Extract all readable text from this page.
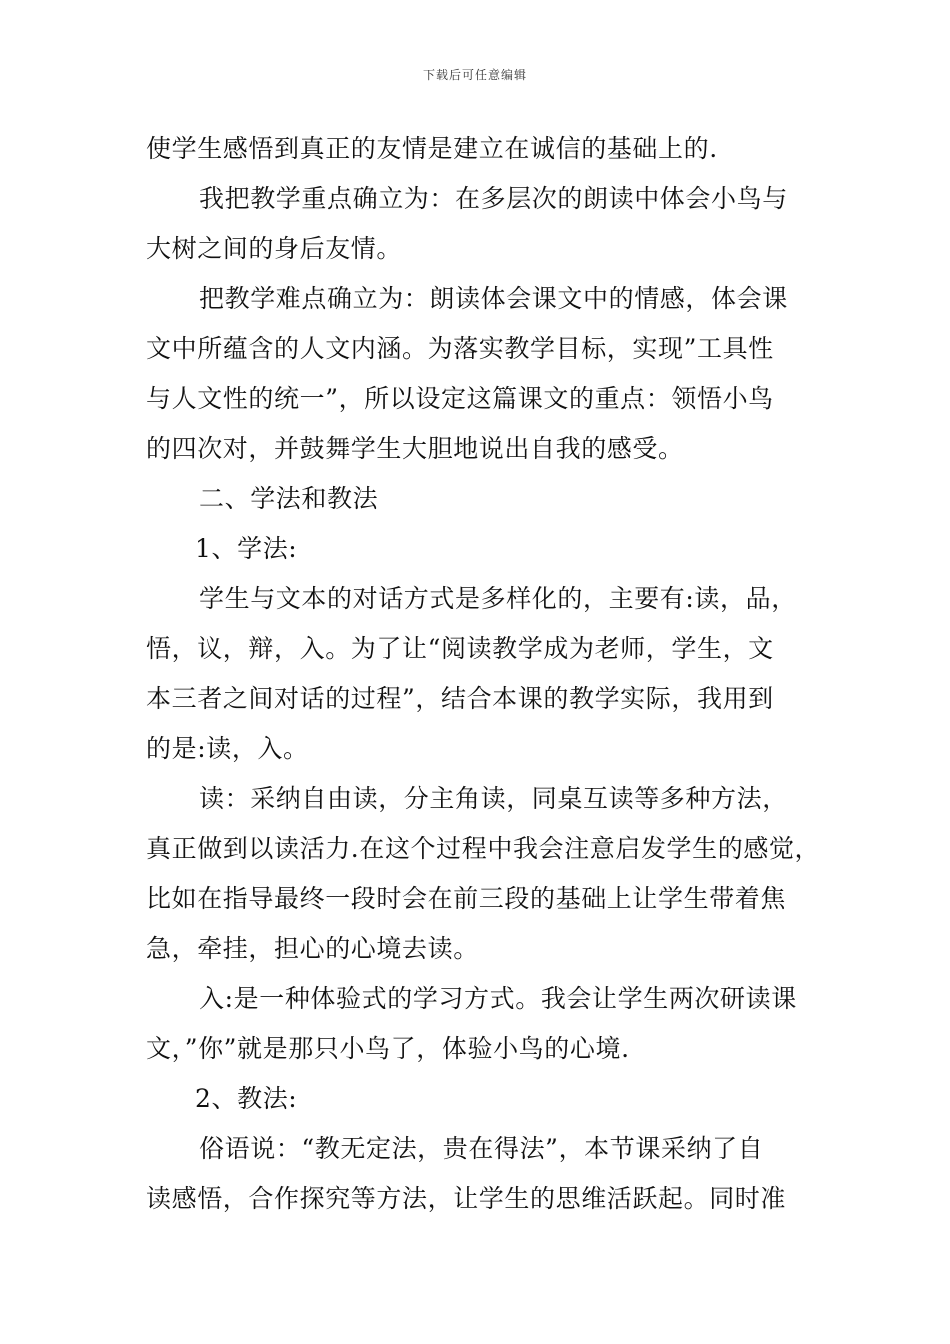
下载后可任意编辑
使学生感悟到真正的友情是建立在诚信的基础上的.
我把教学重点确立为：在多层次的朗读中体会小鸟与
大树之间的身后友情。
把教学难点确立为：朗读体会课文中的情感，体会课
文中所蕴含的人文内涵。为落实教学目标，实现”工具性
与人文性的统一”，所以设定这篇课文的重点：领悟小鸟
的四次对，并鼓舞学生大胆地说出自我的感受。
二、学法和教法
1、学法:
学生与文本的对话方式是多样化的，主要有:读，品，
悟，议，辩，入。为了让“阅读教学成为老师，学生，文
本三者之间对话的过程”，结合本课的教学实际，我用到
的是:读，入。
读：采纳自由读，分主角读，同桌互读等多种方法，
真正做到以读活力.在这个过程中我会注意启发学生的感觉，
比如在指导最终一段时会在前三段的基础上让学生带着焦
急，牵挂，担心的心境去读。
入:是一种体验式的学习方式。我会让学生两次研读课
文，”你”就是那只小鸟了，体验小鸟的心境.
2、教法:
俗语说：“教无定法，贵在得法”，本节课采纳了自
读感悟，合作探究等方法，让学生的思维活跃起。同时准
